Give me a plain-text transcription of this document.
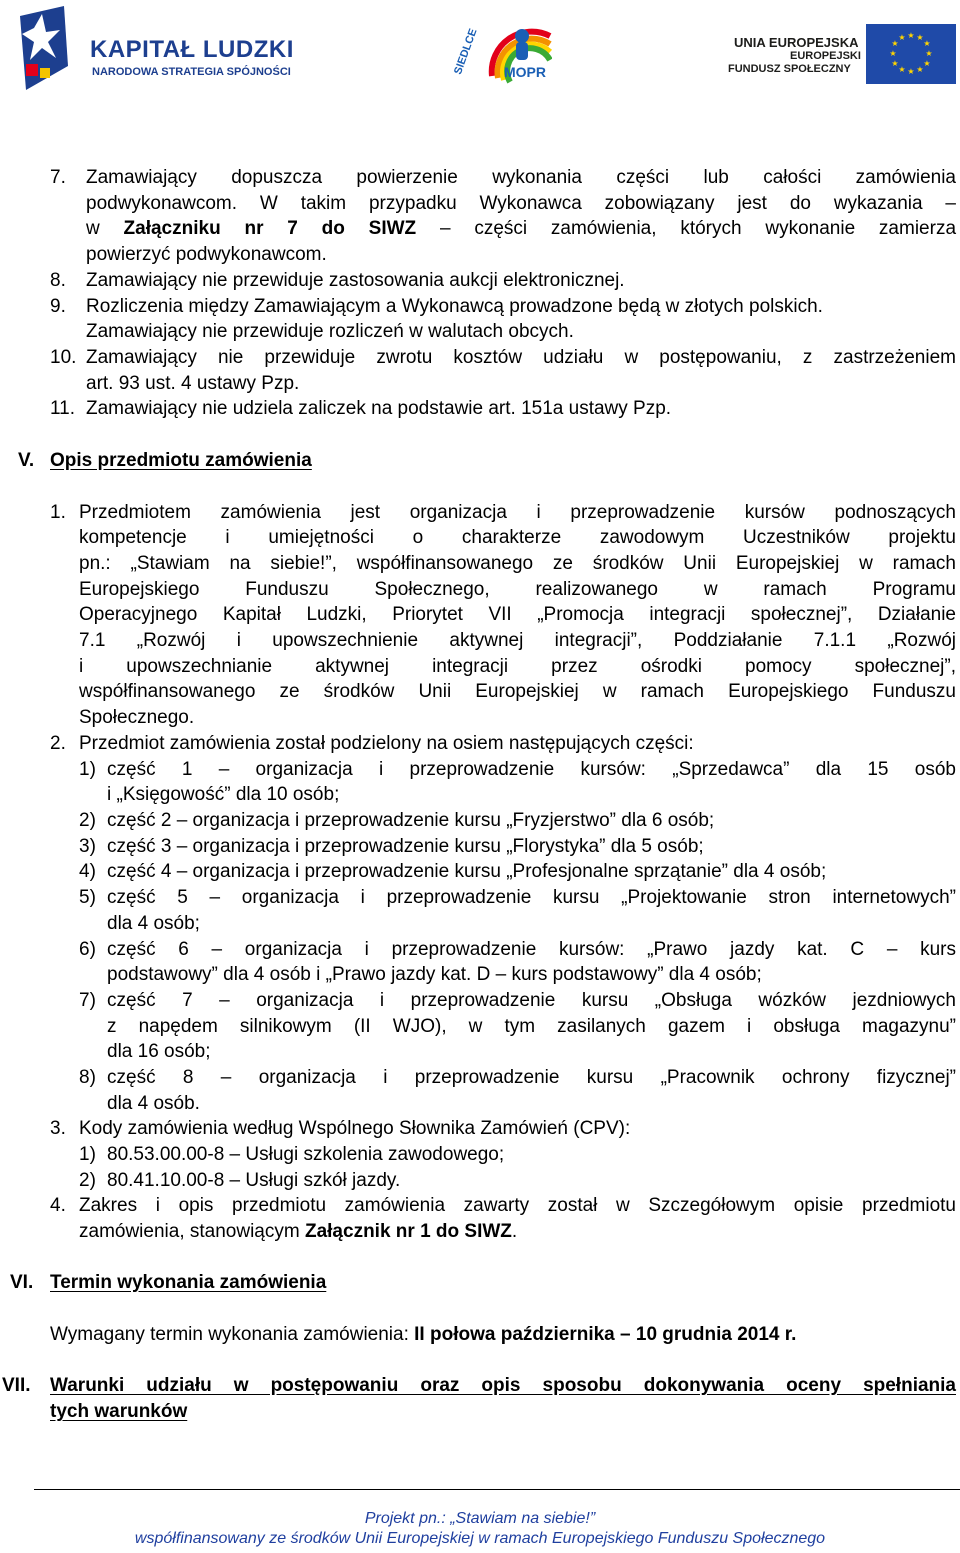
KAPITAŁ LUDZKI
NARODOWA STRATEGIA SPÓJNOŚCI	MOPR
SIEDLCE	UNIA EUROPEJSKA
EUROPEJSKI
FUNDUSZ SPOŁECZNY
★ ★
★
★
★
★
★
★
★
★
★
★
7. Zamawiający dopuszcza powierzenie wykonania części lub całości zamówienia
podwykonawcom. W takim przypadku Wykonawca zobowiązany jest do wykazania –
w Załączniku nr 7 do SIWZ – części zamówienia, których wykonanie zamierza
powierzyć podwykonawcom.
8. Zamawiający nie przewiduje zastosowania aukcji elektronicznej.
9. Rozliczenia między Zamawiającym a Wykonawcą prowadzone będą w złotych polskich.
Zamawiający nie przewiduje rozliczeń w walutach obcych.
10. Zamawiający nie przewiduje zwrotu kosztów udziału w postępowaniu, z zastrzeżeniem
art. 93 ust. 4 ustawy Pzp.
11. Zamawiający nie udziela zaliczek na podstawie art. 151a ustawy Pzp.
V. Opis przedmiotu zamówienia
1. Przedmiotem zamówienia jest organizacja i przeprowadzenie kursów podnoszących
kompetencje i umiejętności o charakterze zawodowym Uczestników projektu
pn.: „Stawiam na siebie!”, współfinansowanego ze środków Unii Europejskiej w ramach
Europejskiego Funduszu Społecznego, realizowanego w ramach Programu
Operacyjnego Kapitał Ludzki, Priorytet VII „Promocja integracji społecznej”, Działanie
7.1 „Rozwój i upowszechnienie aktywnej integracji”, Poddziałanie 7.1.1 „Rozwój
i upowszechnianie aktywnej integracji przez ośrodki pomocy społecznej”,
współfinansowanego ze środków Unii Europejskiej w ramach Europejskiego Funduszu
Społecznego.
2. Przedmiot zamówienia został podzielony na osiem następujących części:
1) część 1 – organizacja i przeprowadzenie kursów: „Sprzedawca” dla 15 osób
i „Księgowość” dla 10 osób;
2) część 2 – organizacja i przeprowadzenie kursu „Fryzjerstwo” dla 6 osób;
3) część 3 – organizacja i przeprowadzenie kursu „Florystyka” dla 5 osób;
4) część 4 – organizacja i przeprowadzenie kursu „Profesjonalne sprzątanie” dla 4 osób;
5) część 5 – organizacja i przeprowadzenie kursu „Projektowanie stron internetowych”
dla 4 osób;
6) część 6 – organizacja i przeprowadzenie kursów: „Prawo jazdy kat. C – kurs
podstawowy” dla 4 osób i „Prawo jazdy kat. D – kurs podstawowy” dla 4 osób;
7) część 7 – organizacja i przeprowadzenie kursu „Obsługa wózków jezdniowych
z napędem silnikowym (II WJO), w tym zasilanych gazem i obsługa magazynu”
dla 16 osób;
8) część 8 – organizacja i przeprowadzenie kursu „Pracownik ochrony fizycznej”
dla 4 osób.
3. Kody zamówienia według Wspólnego Słownika Zamówień (CPV):
1) 80.53.00.00-8 – Usługi szkolenia zawodowego;
2) 80.41.10.00-8 – Usługi szkół jazdy.
4. Zakres i opis przedmiotu zamówienia zawarty został w Szczegółowym opisie przedmiotu
zamówienia, stanowiącym Załącznik nr 1 do SIWZ.
VI. Termin wykonania zamówienia
Wymagany termin wykonania zamówienia: II połowa października – 10 grudnia 2014 r.
VII. Warunki udziału w postępowaniu oraz opis sposobu dokonywania oceny spełniania
tych warunków
Projekt pn.: „Stawiam na siebie!”
współfinansowany ze środków Unii Europejskiej w ramach Europejskiego Funduszu Społecznego
